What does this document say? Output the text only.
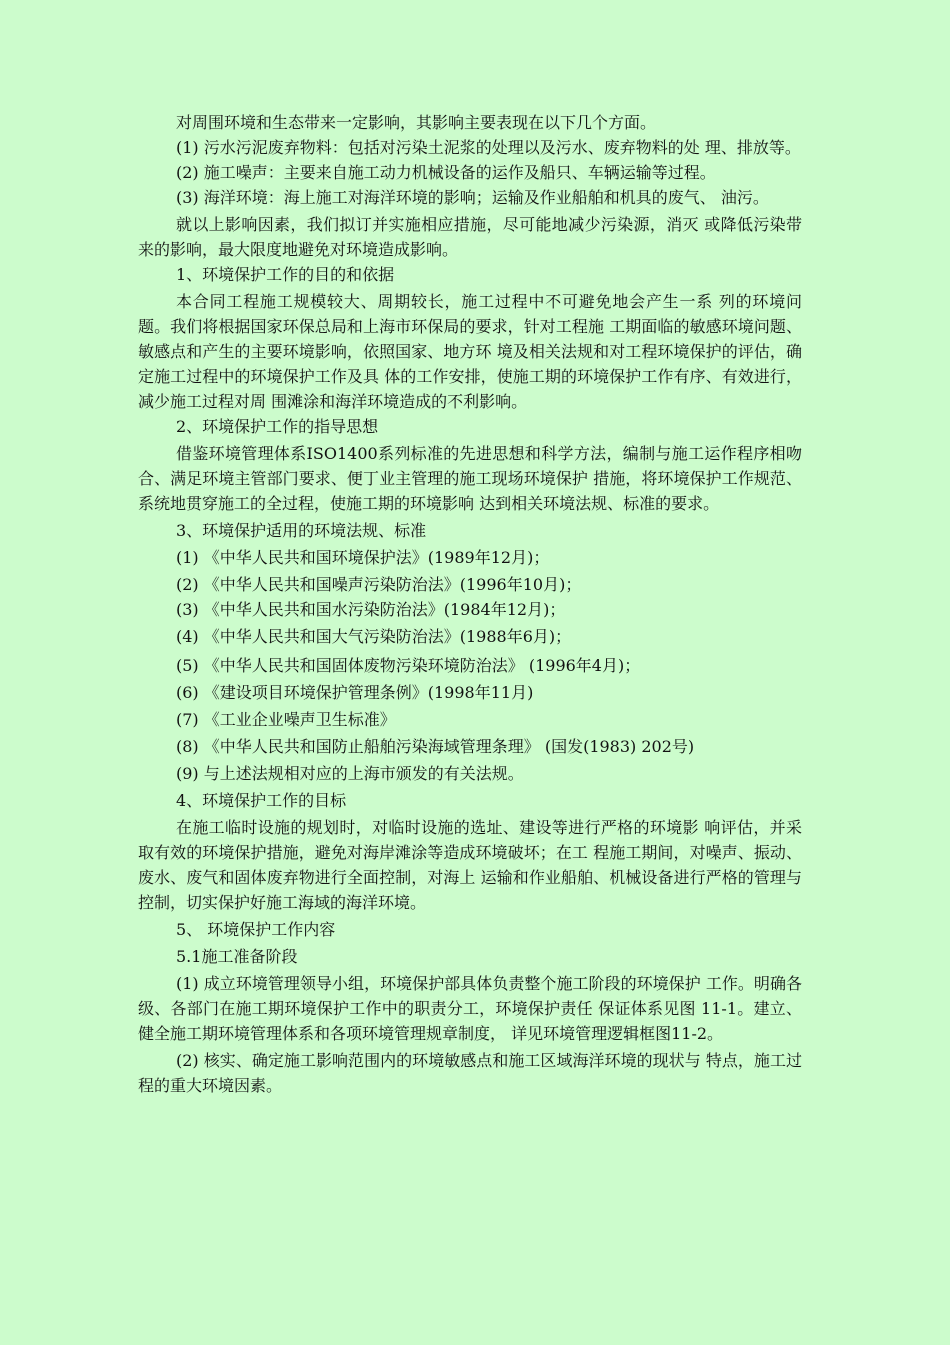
对周围环境和生态带来一定影响，其影响主要表现在以下几个方面。

(1) 污水污泥废弃物料：包括对污染土泥浆的处理以及污水、废弃物料的处 理、排放等。

(2) 施工噪声：主要来自施工动力机械设备的运作及船只、车辆运输等过程。

(3) 海洋环境：海上施工对海洋环境的影响；运输及作业船舶和机具的废气、 油污。

就以上影响因素，我们拟订并实施相应措施，尽可能地减少污染源，消灭 或降低污染带来的影响，最大限度地避免对环境造成影响。

1、环境保护工作的目的和依据

本合同工程施工规模较大、周期较长，施工过程中不可避免地会产生一系 列的环境问题。我们将根据国家环保总局和上海市环保局的要求，针对工程施 工期面临的敏感环境问题、敏感点和产生的主要环境影响，依照国家、地方环 境及相关法规和对工程环境保护的评估，确定施工过程中的环境保护工作及具 体的工作安排，使施工期的环境保护工作有序、有效进行，减少施工过程对周 围滩涂和海洋环境造成的不利影响。

2、环境保护工作的指导思想

借鉴环境管理体系ISO1400系列标准的先进思想和科学方法，编制与施工运作程序相吻合、满足环境主管部门要求、便丁业主管理的施工现场环境保护 措施，将环境保护工作规范、系统地贯穿施工的全过程，使施工期的环境影响 达到相关环境法规、标准的要求。

3、环境保护适用的环境法规、标准

(1) 《中华人民共和国环境保护法》(1989年12月)；

(2) 《中华人民共和国噪声污染防治法》(1996年10月)；

(3) 《中华人民共和国水污染防治法》(1984年12月)；

(4) 《中华人民共和国大气污染防治法》(1988年6月)；

(5) 《中华人民共和国固体废物污染环境防治法》 (1996年4月)；

(6) 《建设项目环境保护管理条例》(1998年11月)

(7) 《工业企业噪声卫生标准》

(8) 《中华人民共和国防止船舶污染海域管理条理》 (国发(1983) 202号)

(9) 与上述法规相对应的上海市颁发的有关法规。

4、环境保护工作的目标

在施工临时设施的规划时，对临时设施的选址、建设等进行严格的环境影 响评估，并采取有效的环境保护措施，避免对海岸滩涂等造成环境破坏；在工 程施工期间，对噪声、振动、废水、废气和固体废弃物进行全面控制，对海上 运输和作业船舶、机械设备进行严格的管理与控制，切实保护好施工海域的海洋环境。

5、 环境保护工作内容

5.1施工准备阶段

(1) 成立环境管理领导小组，环境保护部具体负责整个施工阶段的环境保护 工作。明确各级、各部门在施工期环境保护工作中的职责分工，环境保护责任 保证体系见图 11-1。建立、健全施工期环境管理体系和各项环境管理规章制度， 详见环境管理逻辑框图11-2。

(2) 核实、确定施工影响范围内的环境敏感点和施工区域海洋环境的现状与 特点，施工过程的重大环境因素。
